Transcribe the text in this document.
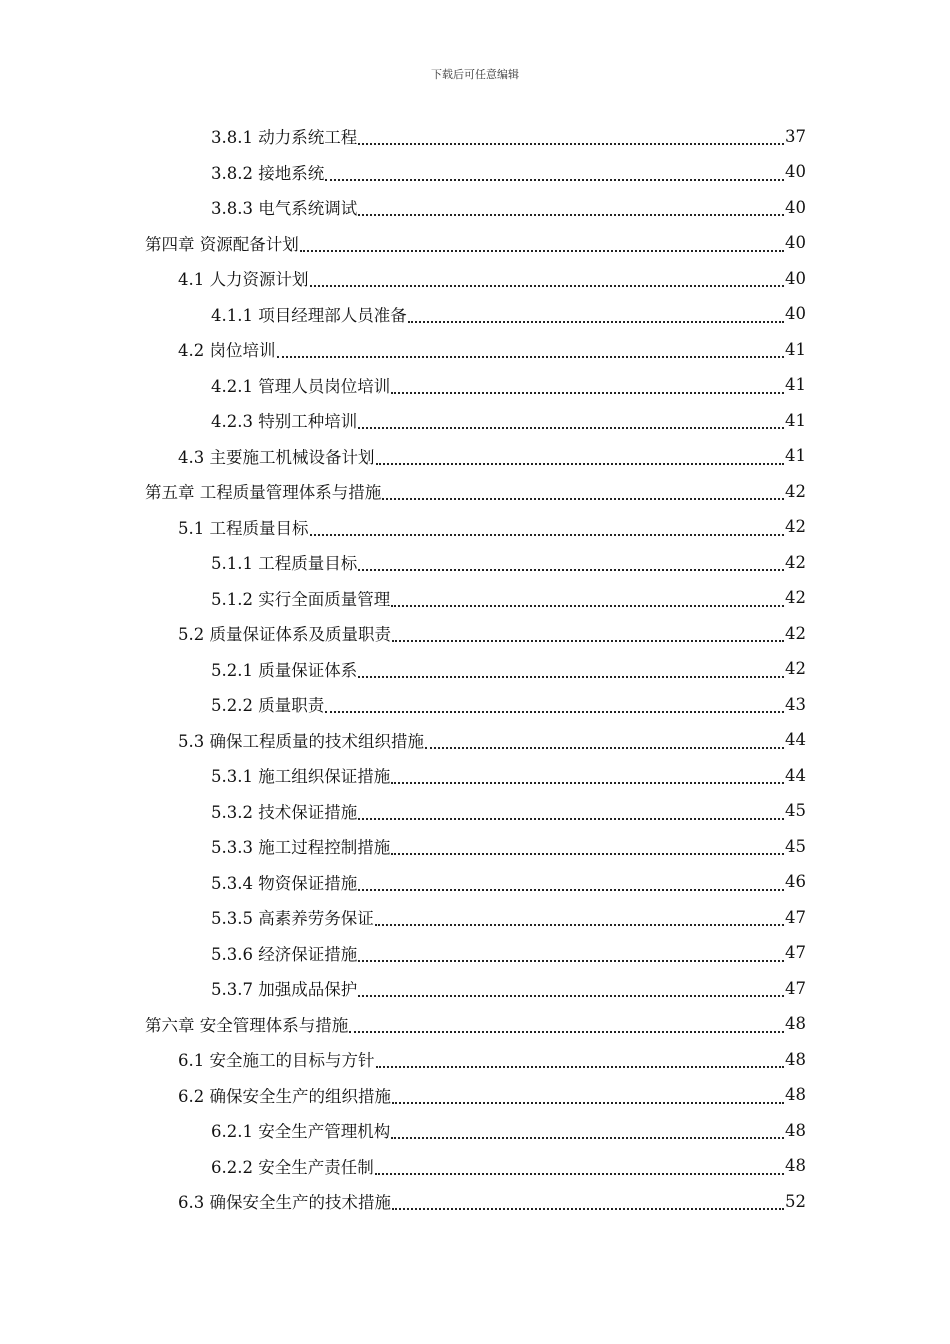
下载后可任意编辑
3.8.1 动力系统工程	37
3.8.2 接地系统	40
3.8.3 电气系统调试	40
第四章 资源配备计划	40
4.1 人力资源计划	40
4.1.1 项目经理部人员准备	40
4.2 岗位培训	41
4.2.1 管理人员岗位培训	41
4.2.3 特别工种培训	41
4.3 主要施工机械设备计划	41
第五章 工程质量管理体系与措施	42
5.1 工程质量目标	42
5.1.1 工程质量目标	42
5.1.2 实行全面质量管理	42
5.2 质量保证体系及质量职责	42
5.2.1 质量保证体系	42
5.2.2 质量职责	43
5.3 确保工程质量的技术组织措施	44
5.3.1 施工组织保证措施	44
5.3.2 技术保证措施	45
5.3.3 施工过程控制措施	45
5.3.4 物资保证措施	46
5.3.5 高素养劳务保证	47
5.3.6 经济保证措施	47
5.3.7 加强成品保护	47
第六章 安全管理体系与措施	48
6.1 安全施工的目标与方针	48
6.2 确保安全生产的组织措施	48
6.2.1 安全生产管理机构	48
6.2.2 安全生产责任制	48
6.3 确保安全生产的技术措施	52
